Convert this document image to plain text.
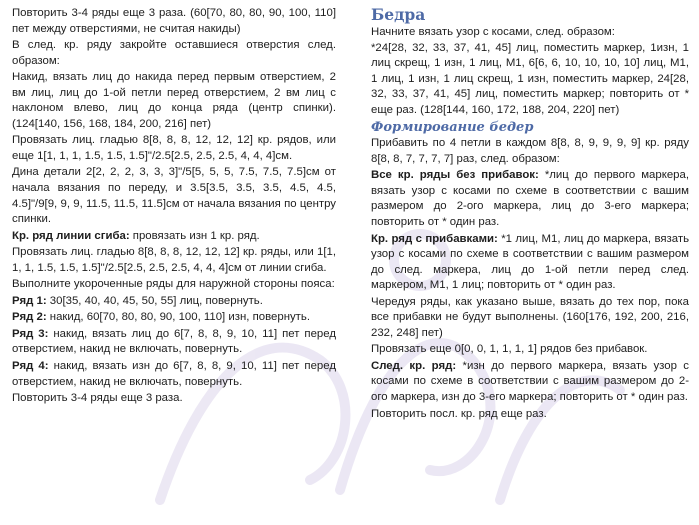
Повторить 3-4 ряды еще 3 раза. (60[70, 80, 80, 90, 100, 110] пет между отверстиями, не считая накиды)

В след. кр. ряду закройте оставшиеся отверстия след. образом:

Накид, вязать лиц до накида перед первым отверстием, 2 вм лиц, лиц до 1-ой петли перед отверстием, 2 вм лиц с наклоном влево, лиц до конца ряда (центр спинки). (124[140, 156, 168, 184, 200, 216] пет)

Провязать лиц. гладью 8[8, 8, 8, 12, 12, 12] кр. рядов, или еще 1[1, 1, 1, 1.5, 1.5, 1.5]"/2.5[2.5, 2.5, 2.5, 4, 4, 4]см.

Дина детали 2[2, 2, 2, 3, 3, 3]"/5[5, 5, 5, 7.5, 7.5, 7.5]см от начала вязания по переду, и 3.5[3.5, 3.5, 3.5, 4.5, 4.5, 4.5]"/9[9, 9, 9, 11.5, 11.5, 11.5]см от начала вязания по центру спинки.

Кр. ряд линии сгиба: провязать изн 1 кр. ряд.

Провязать лиц. гладью 8[8, 8, 8, 12, 12, 12] кр. ряды, или 1[1, 1, 1, 1.5, 1.5, 1.5]"/2.5[2.5, 2.5, 2.5, 4, 4, 4]см от линии сгиба.

Выполните укороченные ряды для наружной стороны пояса:

Ряд 1: 30[35, 40, 40, 45, 50, 55] лиц, повернуть.

Ряд 2: накид, 60[70, 80, 80, 90, 100, 110] изн, повернуть.

Ряд 3: накид, вязать лиц до 6[7, 8, 8, 9, 10, 11] пет перед отверстием, накид не включать, повернуть.

Ряд 4: накид, вязать изн до 6[7, 8, 8, 9, 10, 11] пет перед отверстием, накид не включать, повернуть.

Повторить 3-4 ряды еще 3 раза.

Бедра

Начните вязать узор с косами, след. образом:

*24[28, 32, 33, 37, 41, 45] лиц, поместить маркер, 1изн, 1 лиц скрещ, 1 изн, 1 лиц, М1, 6[6, 6, 10, 10, 10, 10] лиц, М1, 1 лиц, 1 изн, 1 лиц скрещ, 1 изн, поместить маркер, 24[28, 32, 33, 37, 41, 45] лиц, поместить маркер; повторить от * еще раз. (128[144, 160, 172, 188, 204, 220] пет)

Формирование бедер

Прибавить по 4 петли в каждом 8[8, 8, 9, 9, 9, 9] кр. ряду 8[8, 8, 7, 7, 7, 7] раз, след. образом:

Все кр. ряды без прибавок: *лиц до первого маркера, вязать узор с косами по схеме в соответствии с вашим размером до 2-ого маркера, лиц до 3-его маркера; повторить от * один раз.

Кр. ряд с прибавками: *1 лиц, М1, лиц до маркера, вязать узор с косами по схеме в соответствии с вашим размером до след. маркера, лиц до 1-ой петли перед след. маркером, М1, 1 лиц; повторить от * один раз.

Чередуя ряды, как указано выше, вязать до тех пор, пока все прибавки не будут выполнены. (160[176, 192, 200, 216, 232, 248] пет)

Провязать еще 0[0, 0, 1, 1, 1, 1] рядов без прибавок.

След. кр. ряд: *изн до первого маркера, вязать узор с косами по схеме в соответствии с вашим размером до 2-ого маркера, изн до 3-его маркера; повторить от * один раз.

Повторить посл. кр. ряд еще раз.
